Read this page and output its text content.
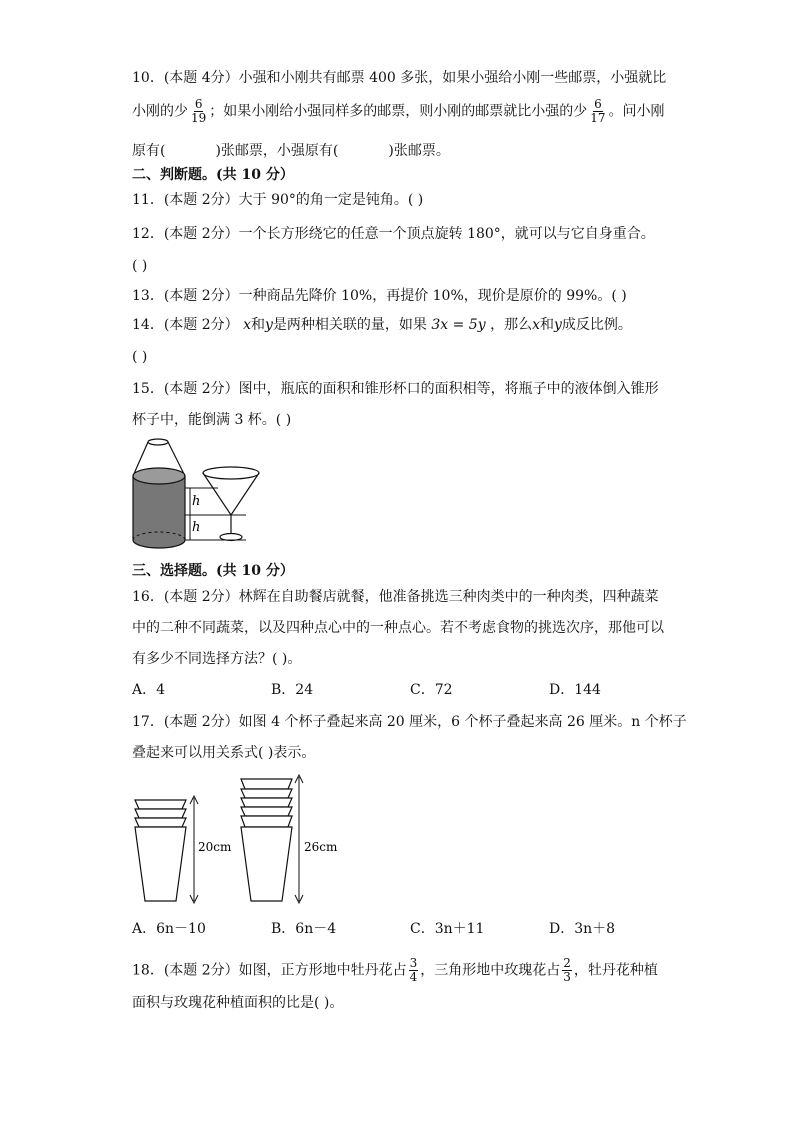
10．(本题 4分）小强和小刚共有邮票 400 多张，如果小强给小刚一些邮票，小强就比
小刚的少 $\frac{6}{19}$ ；如果小刚给小强同样多的邮票，则小刚的邮票就比小强的少 $\frac{6}{17}$ 。问小刚
原有(	)张邮票，小强原有(	)张邮票。
二、判断题。(共 10 分）
11．(本题 2分）大于 90°的角一定是钝角。( )
12．(本题 2分）一个长方形绕它的任意一个顶点旋转 180°，就可以与它自身重合。
( )
13．(本题 2分）一种商品先降价 10%，再提价 10%，现价是原价的 99%。( )
14．(本题 2分） x和y是两种相关联的量，如果 3x = 5y ，那么x和y成反比例。
( )
15．(本题 2分）图中，瓶底的面积和锥形杯口的面积相等，将瓶子中的液体倒入锥形
杯子中，能倒满 3 杯。( )
h
h
三、选择题。(共 10 分）
16．(本题 2分）林辉在自助餐店就餐，他准备挑选三种肉类中的一种肉类，四种蔬菜
中的二种不同蔬菜，以及四种点心中的一种点心。若不考虑食物的挑选次序，那他可以
有多少不同选择方法？( )。
A．4	B．24	C．72	D．144
17．(本题 2分）如图 4 个杯子叠起来高 20 厘米，6 个杯子叠起来高 26 厘米。n 个杯子
叠起来可以用关系式( )表示。
20cm	26cm
A．6n－10	B．6n－4	C．3n＋11	D．3n＋8
18．(本题 2分）如图，正方形地中牡丹花占 $\frac{3}{4}$ ，三角形地中玫瑰花占 $\frac{2}{3}$ ，牡丹花种植
面积与玫瑰花种植面积的比是( )。
